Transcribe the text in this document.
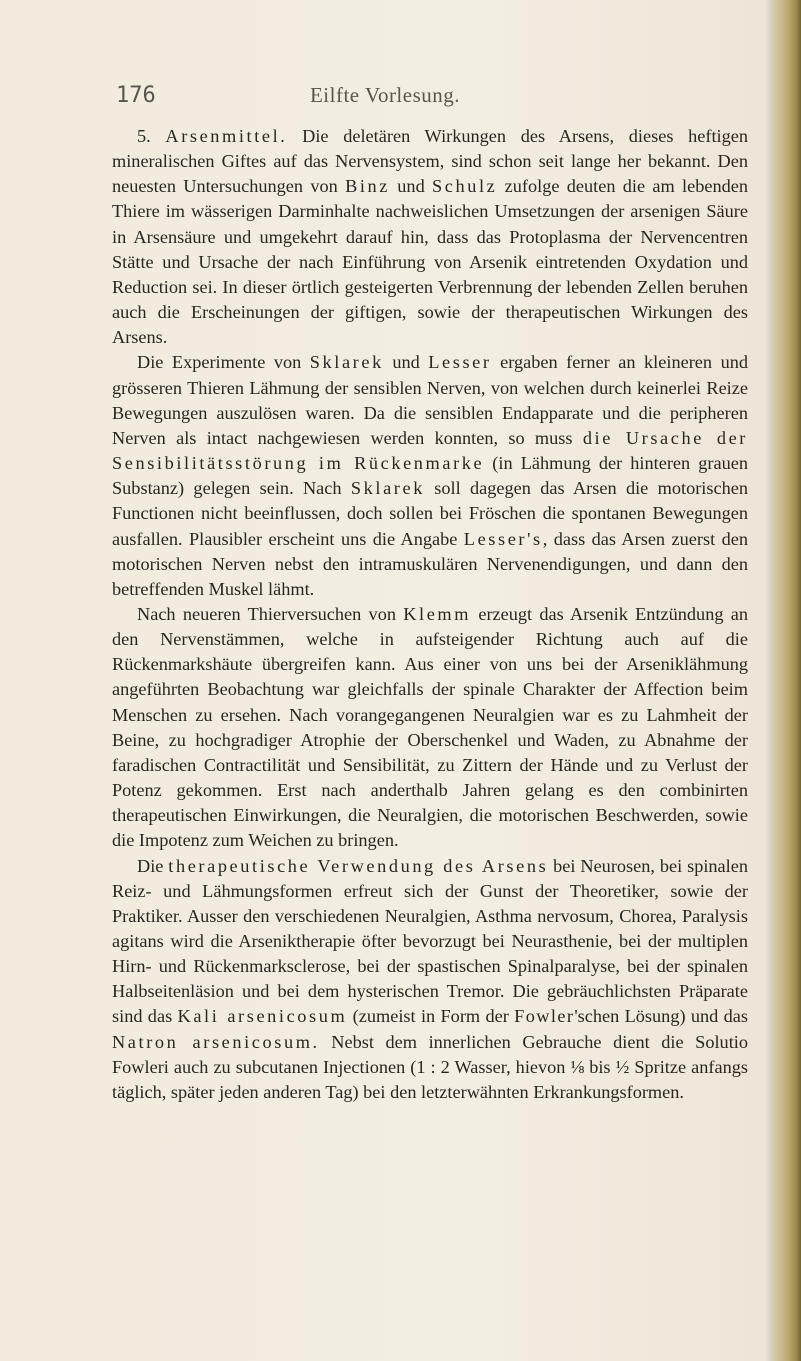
176	Eilfte Vorlesung.

5. Arsenmittel. Die deletären Wirkungen des Arsens, dieses heftigen mineralischen Giftes auf das Nervensystem, sind schon seit lange her bekannt. Den neuesten Untersuchungen von Binz und Schulz zufolge deuten die am lebenden Thiere im wässerigen Darminhalte nachweislichen Umsetzungen der arsenigen Säure in Arsensäure und umgekehrt darauf hin, dass das Protoplasma der Nervencentren Stätte und Ursache der nach Einführung von Arsenik eintretenden Oxydation und Reduction sei. In dieser örtlich gesteigerten Verbrennung der lebenden Zellen beruhen auch die Erscheinungen der giftigen, sowie der therapeutischen Wirkungen des Arsens.

Die Experimente von Sklarek und Lesser ergaben ferner an kleineren und grösseren Thieren Lähmung der sensiblen Nerven, von welchen durch keinerlei Reize Bewegungen auszulösen waren. Da die sensiblen Endapparate und die peripheren Nerven als intact nachgewiesen werden konnten, so muss die Ursache der Sensibilitätsstörung im Rückenmarke (in Lähmung der hinteren grauen Substanz) gelegen sein. Nach Sklarek soll dagegen das Arsen die motorischen Functionen nicht beeinflussen, doch sollen bei Fröschen die spontanen Bewegungen ausfallen. Plausibler erscheint uns die Angabe Lesser's, dass das Arsen zuerst den motorischen Nerven nebst den intramuskulären Nervenendigungen, und dann den betreffenden Muskel lähmt.

Nach neueren Thierversuchen von Klemm erzeugt das Arsenik Entzündung an den Nervenstämmen, welche in aufsteigender Richtung auch auf die Rückenmarkshäute übergreifen kann. Aus einer von uns bei der Arseniklähmung angeführten Beobachtung war gleichfalls der spinale Charakter der Affection beim Menschen zu ersehen. Nach vorangegangenen Neuralgien war es zu Lahmheit der Beine, zu hochgradiger Atrophie der Oberschenkel und Waden, zu Abnahme der faradischen Contractilität und Sensibilität, zu Zittern der Hände und zu Verlust der Potenz gekommen. Erst nach anderthalb Jahren gelang es den combinirten therapeutischen Einwirkungen, die Neuralgien, die motorischen Beschwerden, sowie die Impotenz zum Weichen zu bringen.

Die therapeutische Verwendung des Arsens bei Neurosen, bei spinalen Reiz- und Lähmungsformen erfreut sich der Gunst der Theoretiker, sowie der Praktiker. Ausser den verschiedenen Neuralgien, Asthma nervosum, Chorea, Paralysis agitans wird die Arseniktherapie öfter bevorzugt bei Neurasthenie, bei der multiplen Hirn- und Rückenmarksclerose, bei der spastischen Spinalparalyse, bei der spinalen Halbseitenläsion und bei dem hysterischen Tremor. Die gebräuchlichsten Präparate sind das Kali arsenicosum (zumeist in Form der Fowler'schen Lösung) und das Natron arsenicosum. Nebst dem innerlichen Gebrauche dient die Solutio Fowleri auch zu subcutanen Injectionen (1 : 2 Wasser, hievon ⅛ bis ½ Spritze anfangs täglich, später jeden anderen Tag) bei den letzterwähnten Erkrankungsformen.
